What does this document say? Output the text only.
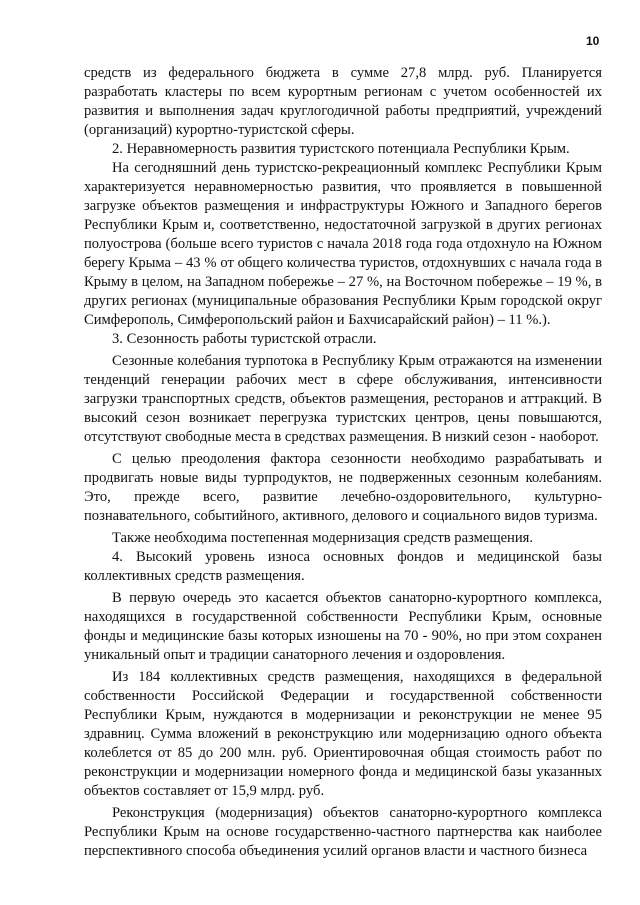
10

средств из федерального бюджета в сумме 27,8 млрд. руб. Планируется разработать кластеры по всем курортным регионам с учетом особенностей их развития и выполнения задач круглогодичной работы предприятий, учреждений (организаций) курортно-туристской сферы.

2. Неравномерность развития туристского потенциала Республики Крым.

На сегодняшний день туристско-рекреационный комплекс Республики Крым характеризуется неравномерностью развития, что проявляется в повышенной загрузке объектов размещения и инфраструктуры Южного и Западного берегов Республики Крым и, соответственно, недостаточной загрузкой в других регионах полуострова (больше всего туристов с начала 2018 года года отдохнуло на Южном берегу Крыма – 43 % от общего количества туристов, отдохнувших с начала года в Крыму в целом, на Западном побережье – 27 %, на Восточном побережье – 19 %, в других регионах (муниципальные образования Республики Крым городской округ Симферополь, Симферопольский район и Бахчисарайский район) – 11 %.).

3. Сезонность работы туристской отрасли.

Сезонные колебания турпотока в Республику Крым отражаются на изменении тенденций генерации рабочих мест в сфере обслуживания, интенсивности загрузки транспортных средств, объектов размещения, ресторанов и аттракций. В высокий сезон возникает перегрузка туристских центров, цены повышаются, отсутствуют свободные места в средствах размещения. В низкий сезон - наоборот.

С целью преодоления фактора сезонности необходимо разрабатывать и продвигать новые виды турпродуктов, не подверженных сезонным колебаниям. Это, прежде всего, развитие лечебно-оздоровительного, культурно-познавательного, событийного, активного, делового и социального видов туризма.

Также необходима постепенная модернизация средств размещения.

4. Высокий уровень износа основных фондов и медицинской базы коллективных средств размещения.

В первую очередь это касается объектов санаторно-курортного комплекса, находящихся в государственной собственности Республики Крым, основные фонды и медицинские базы которых изношены на 70 - 90%, но при этом сохранен уникальный опыт и традиции санаторного лечения и оздоровления.

Из 184 коллективных средств размещения, находящихся в федеральной собственности Российской Федерации и государственной собственности Республики Крым, нуждаются в модернизации и реконструкции не менее 95 здравниц. Сумма вложений в реконструкцию или модернизацию одного объекта колеблется от 85 до 200 млн. руб. Ориентировочная общая стоимость работ по реконструкции и модернизации номерного фонда и медицинской базы указанных объектов составляет от 15,9 млрд. руб.

Реконструкция (модернизация) объектов санаторно-курортного комплекса Республики Крым на основе государственно-частного партнерства как наиболее перспективного способа объединения усилий органов власти и частного бизнеса
